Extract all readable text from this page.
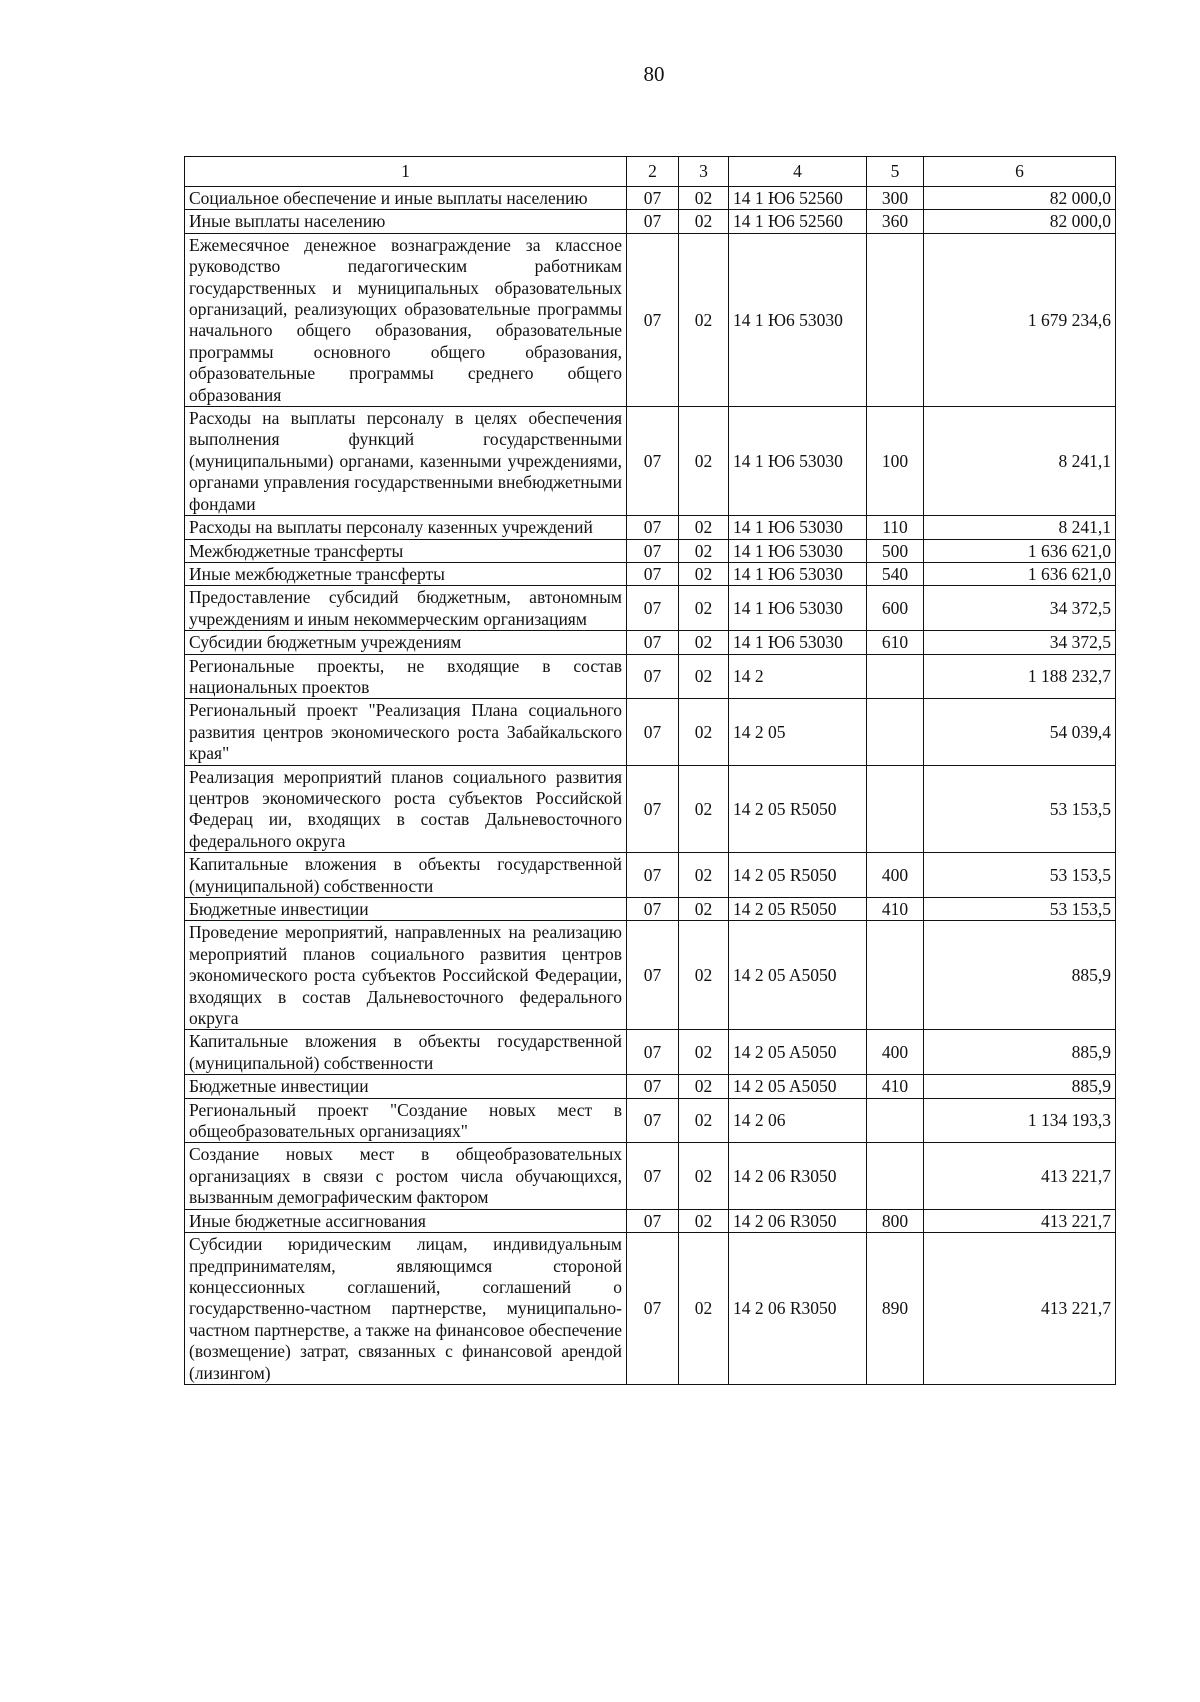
80
1	2	3	4	5	6
Социальное обеспечение и иные выплаты населению	07	02	14 1 Ю6 52560	300	82 000,0
Иные выплаты населению	07	02	14 1 Ю6 52560	360	82 000,0
Ежемесячное денежное вознаграждение за классное руководство педагогическим работникам государственных и муниципальных образовательных организаций, реализующих образовательные программы начального общего образования, образовательные программы основного общего образования, образовательные программы среднего общего образования	07	02	14 1 Ю6 53030		1 679 234,6
Расходы на выплаты персоналу в целях обеспечения выполнения функций государственными (муниципальными) органами, казенными учреждениями, органами управления государственными внебюджетными фондами	07	02	14 1 Ю6 53030	100	8 241,1
Расходы на выплаты персоналу казенных учреждений	07	02	14 1 Ю6 53030	110	8 241,1
Межбюджетные трансферты	07	02	14 1 Ю6 53030	500	1 636 621,0
Иные межбюджетные трансферты	07	02	14 1 Ю6 53030	540	1 636 621,0
Предоставление субсидий бюджетным, автономным учреждениям и иным некоммерческим организациям	07	02	14 1 Ю6 53030	600	34 372,5
Субсидии бюджетным учреждениям	07	02	14 1 Ю6 53030	610	34 372,5
Региональные проекты, не входящие в состав национальных проектов	07	02	14 2		1 188 232,7
Региональный проект "Реализация Плана социального развития центров экономического роста Забайкальского края"	07	02	14 2 05		54 039,4
Реализация мероприятий планов социального развития центров экономического роста субъектов Российской Федерац ии, входящих в состав Дальневосточного федерального округа	07	02	14 2 05 R5050		53 153,5
Капитальные вложения в объекты государственной (муниципальной) собственности	07	02	14 2 05 R5050	400	53 153,5
Бюджетные инвестиции	07	02	14 2 05 R5050	410	53 153,5
Проведение мероприятий, направленных на реализацию мероприятий планов социального развития центров экономического роста субъектов Российской Федерации, входящих в состав Дальневосточного федерального округа	07	02	14 2 05 A5050		885,9
Капитальные вложения в объекты государственной (муниципальной) собственности	07	02	14 2 05 A5050	400	885,9
Бюджетные инвестиции	07	02	14 2 05 A5050	410	885,9
Региональный проект "Создание новых мест в общеобразовательных организациях"	07	02	14 2 06		1 134 193,3
Создание новых мест в общеобразовательных организациях в связи с ростом числа обучающихся, вызванным демографическим фактором	07	02	14 2 06 R3050		413 221,7
Иные бюджетные ассигнования	07	02	14 2 06 R3050	800	413 221,7
Субсидии юридическим лицам, индивидуальным предпринимателям, являющимся стороной концессионных соглашений, соглашений о государственно-частном партнерстве, муниципально-частном партнерстве, а также на финансовое обеспечение (возмещение) затрат, связанных с финансовой арендой (лизингом)	07	02	14 2 06 R3050	890	413 221,7
